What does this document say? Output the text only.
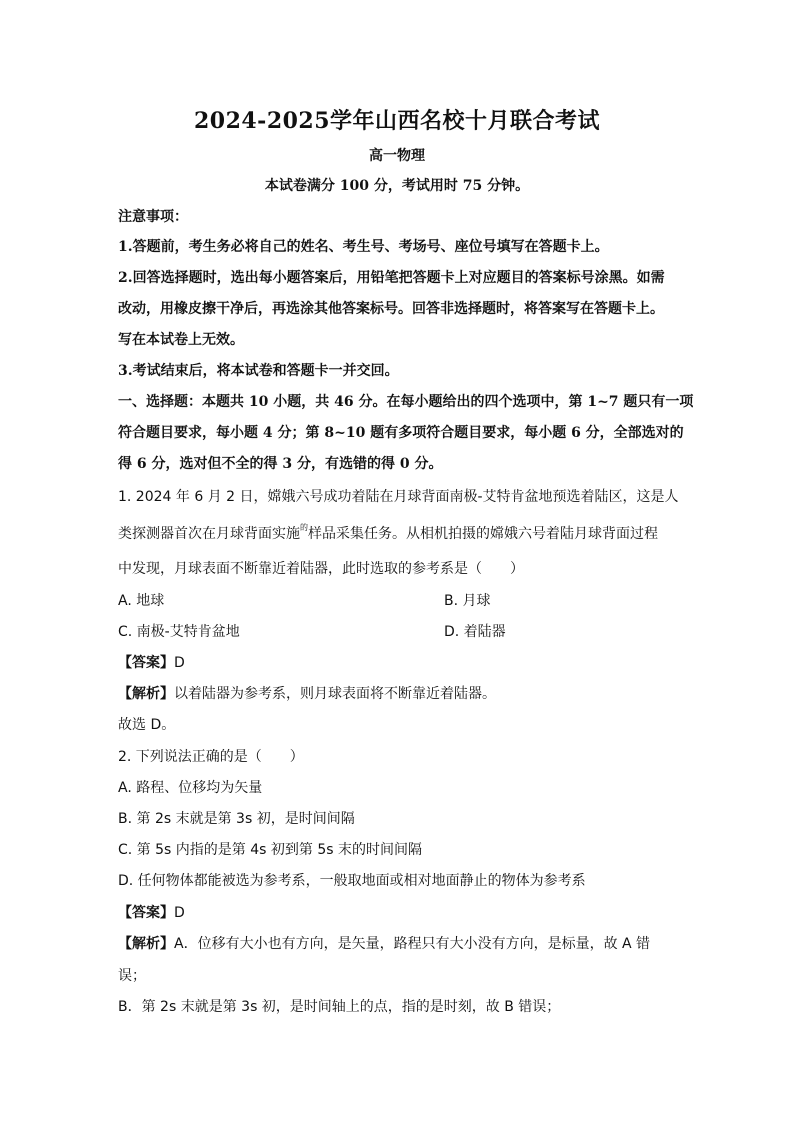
2024-2025学年山西名校十月联合考试
高一物理
本试卷满分 100 分，考试用时 75 分钟。
注意事项：
1.答题前，考生务必将自己的姓名、考生号、考场号、座位号填写在答题卡上。
2.回答选择题时，选出每小题答案后，用铅笔把答题卡上对应题目的答案标号涂黑。如需
改动，用橡皮擦干净后，再选涂其他答案标号。回答非选择题时，将答案写在答题卡上。
写在本试卷上无效。
3.考试结束后，将本试卷和答题卡一并交回。
一、选择题：本题共 10 小题，共 46 分。在每小题给出的四个选项中，第 1~7 题只有一项
符合题目要求，每小题 4 分；第 8~10 题有多项符合题目要求，每小题 6 分，全部选对的
得 6 分，选对但不全的得 3 分，有选错的得 0 分。
1. 2024 年 6 月 2 日，嫦娥六号成功着陆在月球背面南极-艾特肯盆地预选着陆区，这是人
类探测器首次在月球背面实施$^的$样品采集任务。从相机拍摄的嫦娥六号着陆月球背面过程
中发现，月球表面不断靠近着陆器，此时选取的参考系是（　　）
A. 地球	B. 月球
C. 南极-艾特肯盆地	D. 着陆器
【答案】D
【解析】以着陆器为参考系，则月球表面将不断靠近着陆器。
故选 D。
2. 下列说法正确的是（　　）
A. 路程、位移均为矢量
B. 第 2s 末就是第 3s 初，是时间间隔
C. 第 5s 内指的是第 4s 初到第 5s 末的时间间隔
D. 任何物体都能被选为参考系，一般取地面或相对地面静止的物体为参考系
【答案】D
【解析】A．位移有大小也有方向，是矢量，路程只有大小没有方向，是标量，故 A 错
误；
B．第 2s 末就是第 3s 初，是时间轴上的点，指的是时刻，故 B 错误；
